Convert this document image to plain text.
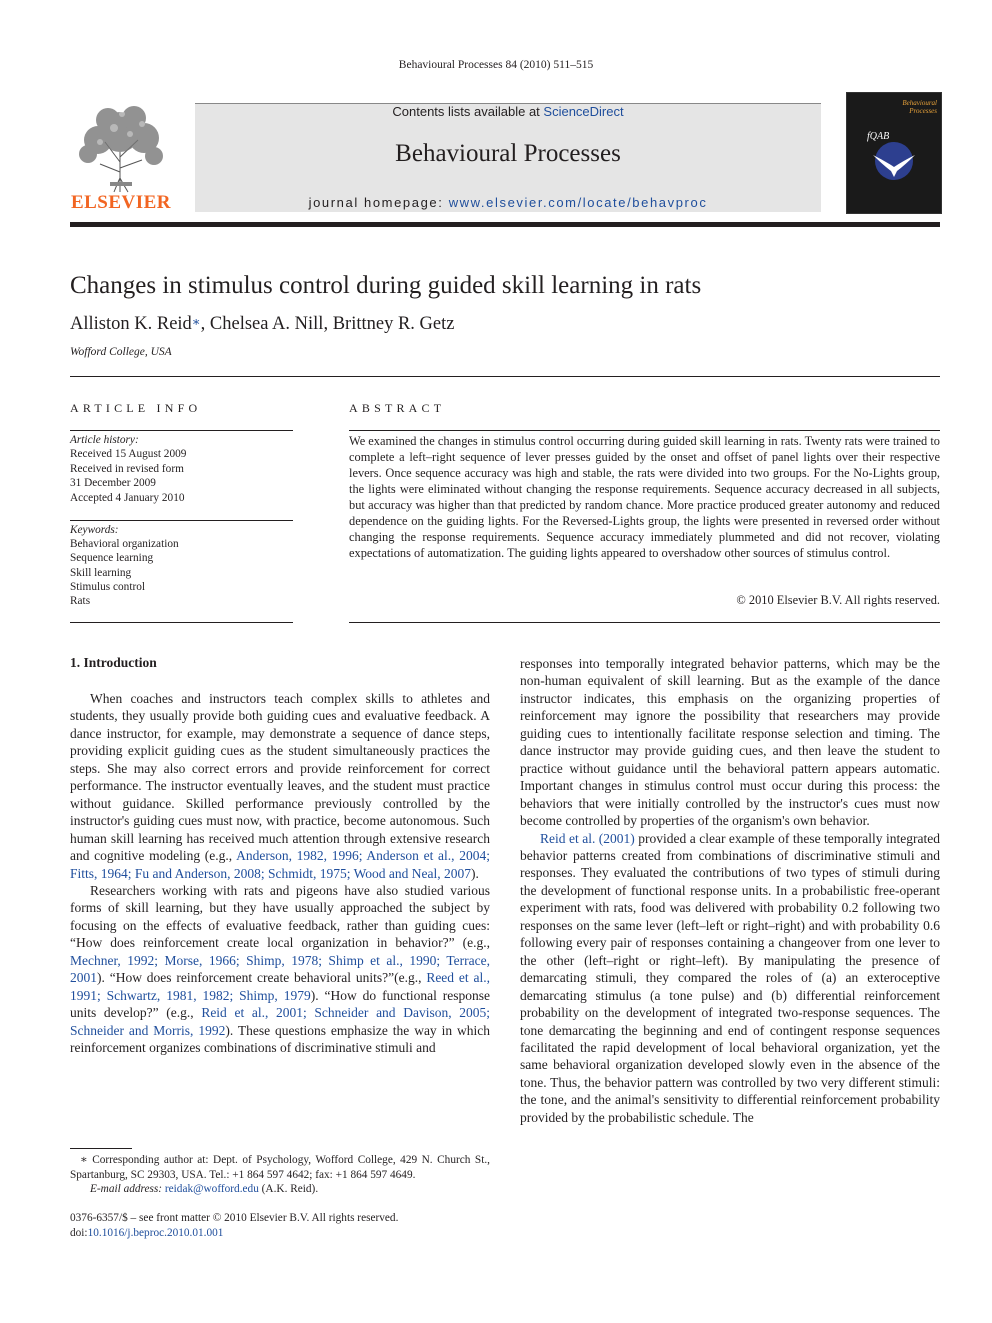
Behavioural Processes 84 (2010) 511–515
ELSEVIER
Contents lists available at ScienceDirect
Behavioural Processes
journal homepage: www.elsevier.com/locate/behavproc
Behavioural Processes
fQAB
Changes in stimulus control during guided skill learning in rats
Alliston K. Reid∗, Chelsea A. Nill, Brittney R. Getz
Wofford College, USA
ARTICLE INFO	ABSTRACT
Article history:
Received 15 August 2009
Received in revised form
31 December 2009
Accepted 4 January 2010
Keywords:
Behavioral organization
Sequence learning
Skill learning
Stimulus control
Rats
We examined the changes in stimulus control occurring during guided skill learning in rats. Twenty rats were trained to complete a left–right sequence of lever presses guided by the onset and offset of panel lights over their respective levers. Once sequence accuracy was high and stable, the rats were divided into two groups. For the No-Lights group, the lights were eliminated without changing the response requirements. Sequence accuracy decreased in all subjects, but accuracy was higher than that predicted by random chance. More practice produced greater autonomy and reduced dependence on the guiding lights. For the Reversed-Lights group, the lights were presented in reversed order without changing the response requirements. Sequence accuracy immediately plummeted and did not recover, violating expectations of automatization. The guiding lights appeared to overshadow other sources of stimulus control.
© 2010 Elsevier B.V. All rights reserved.
1. Introduction

When coaches and instructors teach complex skills to athletes and students, they usually provide both guiding cues and evaluative feedback. A dance instructor, for example, may demonstrate a sequence of dance steps, providing explicit guiding cues as the student simultaneously practices the steps. She may also correct errors and provide reinforcement for correct performance. The instructor eventually leaves, and the student must practice without guidance. Skilled performance previously controlled by the instructor's guiding cues must now, with practice, become autonomous. Such human skill learning has received much attention through extensive research and cognitive modeling (e.g., Anderson, 1982, 1996; Anderson et al., 2004; Fitts, 1964; Fu and Anderson, 2008; Schmidt, 1975; Wood and Neal, 2007).

Researchers working with rats and pigeons have also studied various forms of skill learning, but they have usually approached the subject by focusing on the effects of evaluative feedback, rather than guiding cues: “How does reinforcement create local organization in behavior?” (e.g., Mechner, 1992; Morse, 1966; Shimp, 1978; Shimp et al., 1990; Terrace, 2001). “How does reinforcement create behavioral units?”(e.g., Reed et al., 1991; Schwartz, 1981, 1982; Shimp, 1979). “How do functional response units develop?” (e.g., Reid et al., 2001; Schneider and Davison, 2005; Schneider and Morris, 1992). These questions emphasize the way in which reinforcement organizes combinations of discriminative stimuli and

responses into temporally integrated behavior patterns, which may be the non-human equivalent of skill learning. But as the example of the dance instructor indicates, this emphasis on the organizing properties of reinforcement may ignore the possibility that researchers may provide guiding cues to intentionally facilitate response selection and timing. The dance instructor may provide guiding cues, and then leave the student to practice without guidance until the behavioral pattern appears automatic. Important changes in stimulus control must occur during this process: the behaviors that were initially controlled by the instructor's cues must now become controlled by properties of the organism's own behavior.

Reid et al. (2001) provided a clear example of these temporally integrated behavior patterns created from combinations of discriminative stimuli and responses. They evaluated the contributions of two types of stimuli during the development of functional response units. In a probabilistic free-operant experiment with rats, food was delivered with probability 0.2 following two responses on the same lever (left–left or right–right) and with probability 0.6 following every pair of responses containing a changeover from one lever to the other (left–right or right–left). By manipulating the presence of demarcating stimuli, they compared the roles of (a) an exteroceptive demarcating stimulus (a tone pulse) and (b) differential reinforcement probability on the development of integrated two-response sequences. The tone demarcating the beginning and end of contingent response sequences facilitated the rapid development of local behavioral organization, yet the same behavioral organization developed slowly even in the absence of the tone. Thus, the behavior pattern was controlled by two very different stimuli: the tone, and the animal's sensitivity to differential reinforcement probability provided by the probabilistic schedule. The

∗ Corresponding author at: Dept. of Psychology, Wofford College, 429 N. Church St., Spartanburg, SC 29303, USA. Tel.: +1 864 597 4642; fax: +1 864 597 4649.

E-mail address: reidak@wofford.edu (A.K. Reid).

0376-6357/$ – see front matter © 2010 Elsevier B.V. All rights reserved.

doi:10.1016/j.beproc.2010.01.001
